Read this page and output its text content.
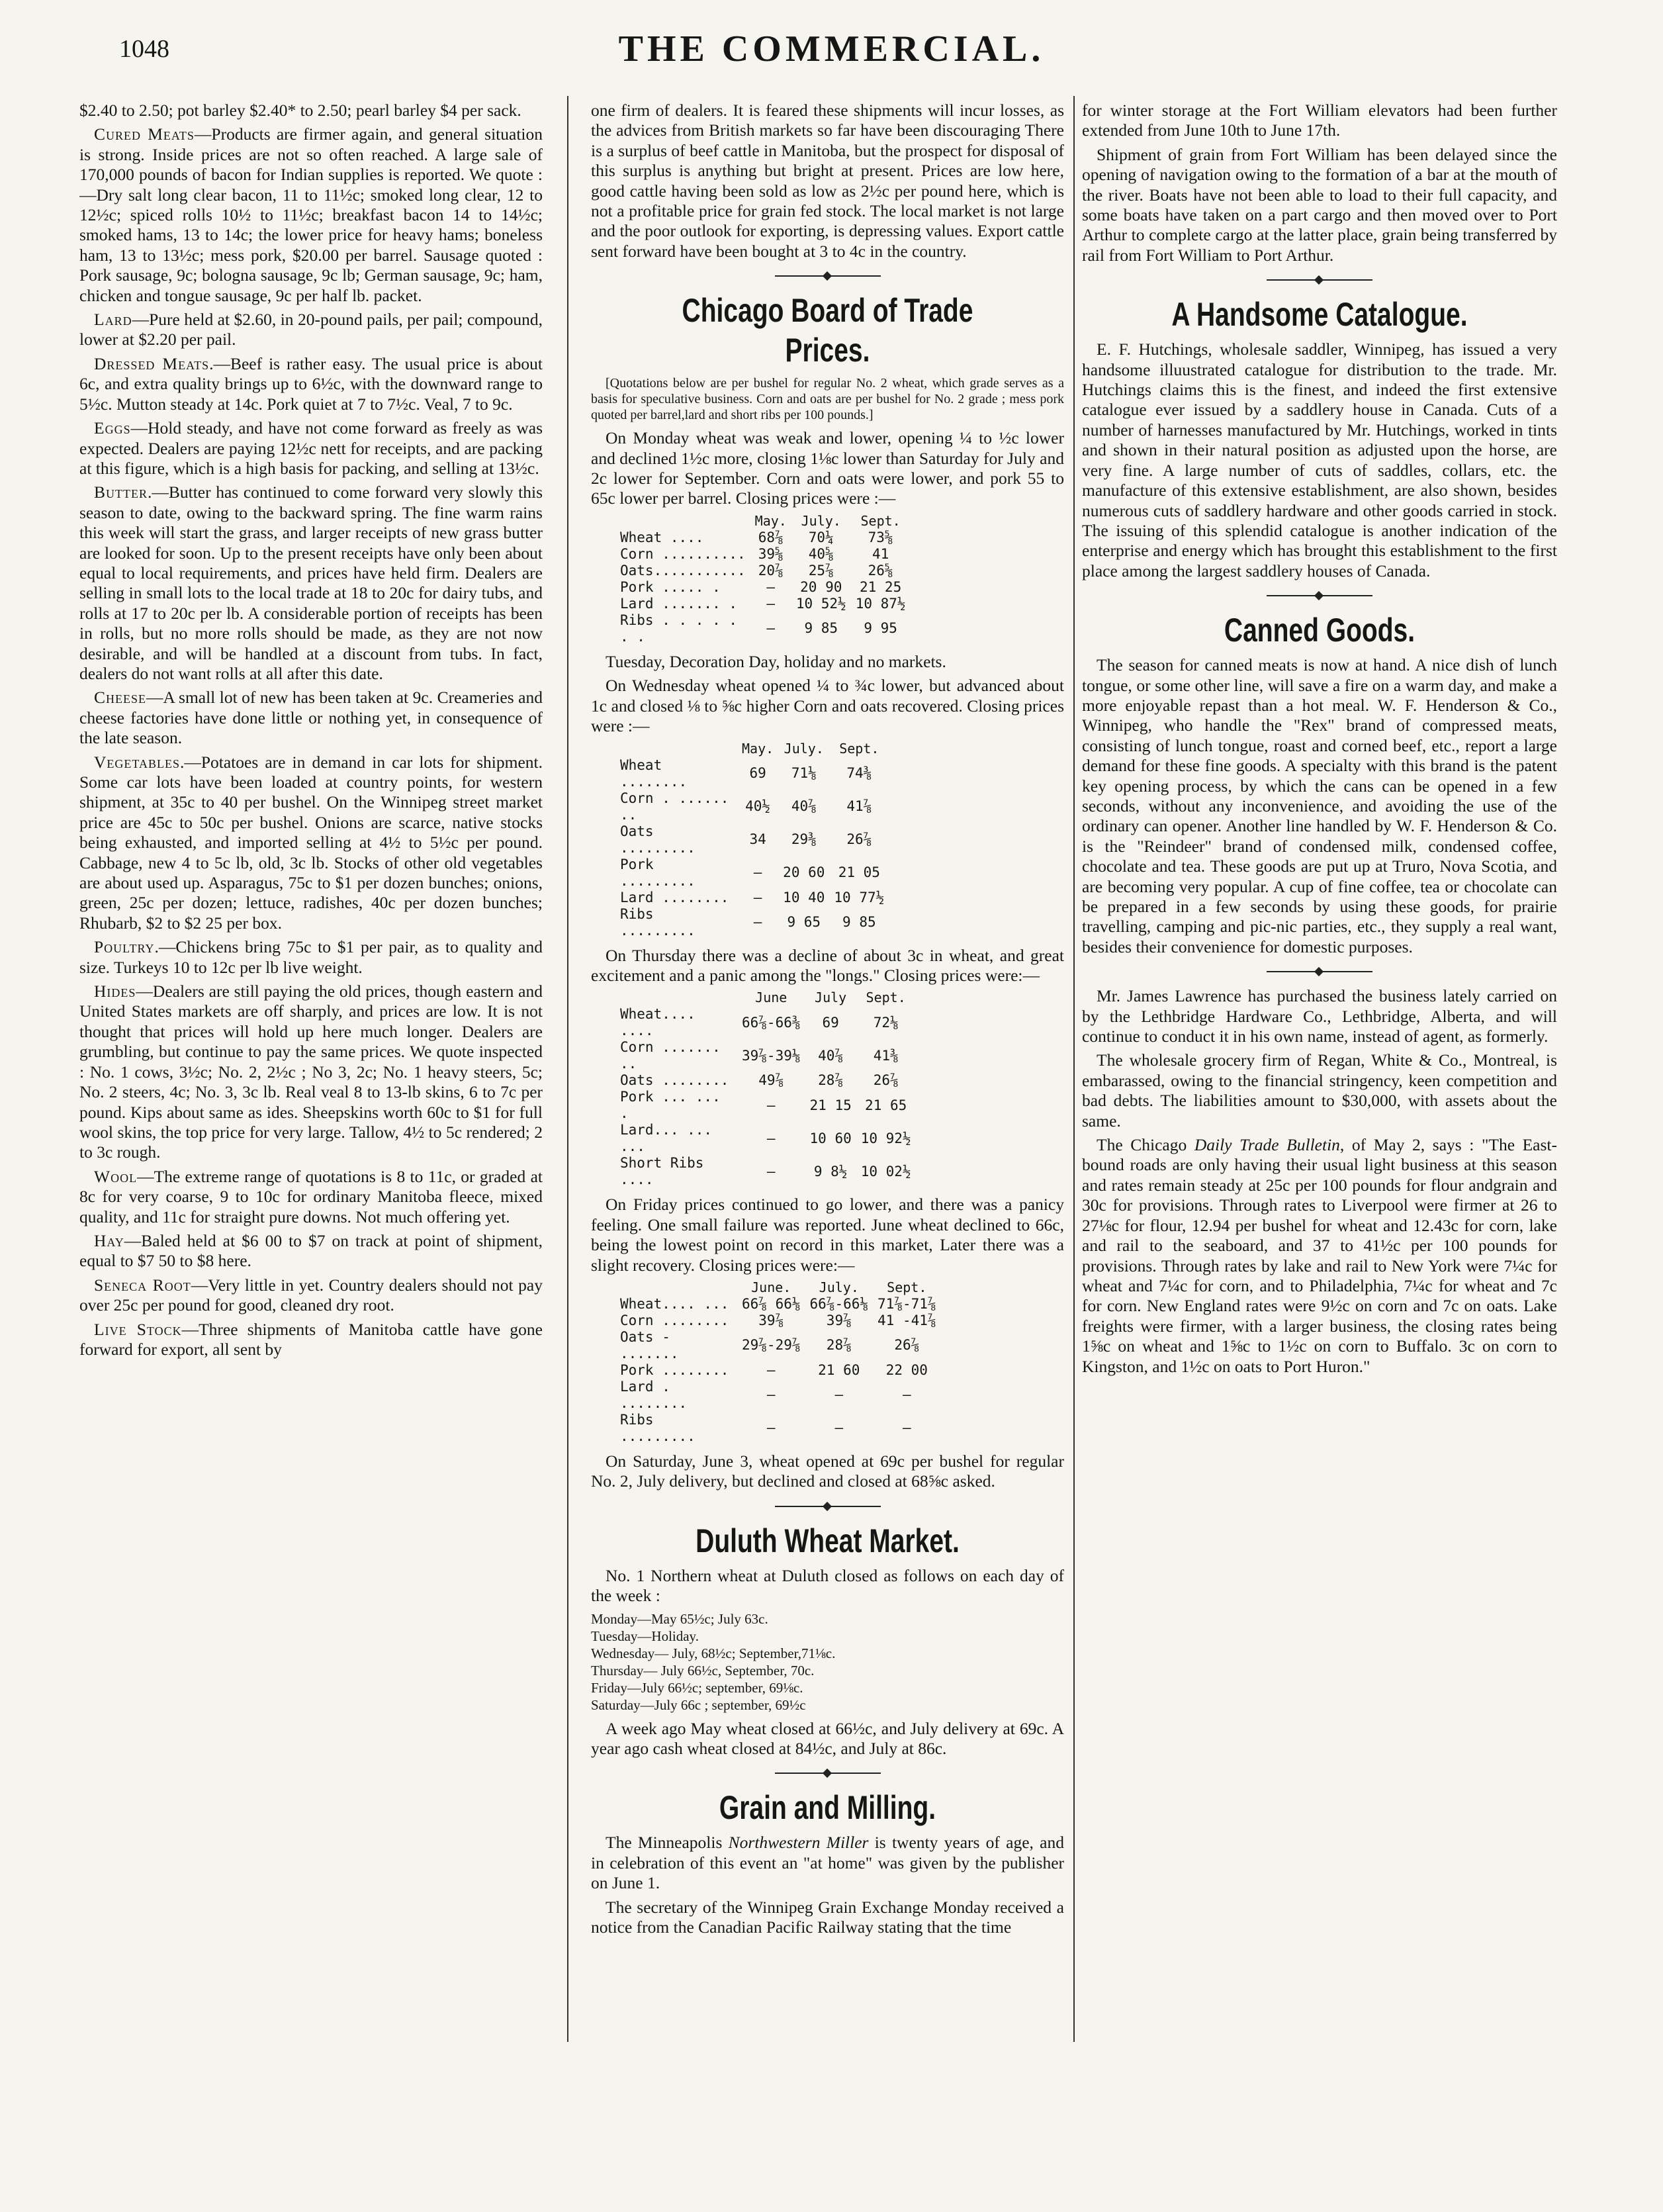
1048	THE COMMERCIAL.

$2.40 to 2.50; pot barley $2.40* to 2.50; pearl barley $4 per sack.

Cured Meats—Products are firmer again, and general situation is strong. Inside prices are not so often reached. A large sale of 170,000 pounds of bacon for Indian supplies is reported. We quote :—Dry salt long clear bacon, 11 to 11½c; smoked long clear, 12 to 12½c; spiced rolls 10½ to 11½c; breakfast bacon 14 to 14½c; smoked hams, 13 to 14c; the lower price for heavy hams; boneless ham, 13 to 13½c; mess pork, $20.00 per barrel. Sausage quoted : Pork sausage, 9c; bologna sausage, 9c lb; German sausage, 9c; ham, chicken and tongue sausage, 9c per half lb. packet.

Lard—Pure held at $2.60, in 20-pound pails, per pail; compound, lower at $2.20 per pail.

Dressed Meats.—Beef is rather easy. The usual price is about 6c, and extra quality brings up to 6½c, with the downward range to 5½c. Mutton steady at 14c. Pork quiet at 7 to 7½c. Veal, 7 to 9c.

Eggs—Hold steady, and have not come forward as freely as was expected. Dealers are paying 12½c nett for receipts, and are packing at this figure, which is a high basis for packing, and selling at 13½c.

Butter.—Butter has continued to come forward very slowly this season to date, owing to the backward spring. The fine warm rains this week will start the grass, and larger receipts of new grass butter are looked for soon. Up to the present receipts have only been about equal to local requirements, and prices have held firm. Dealers are selling in small lots to the local trade at 18 to 20c for dairy tubs, and rolls at 17 to 20c per lb. A considerable portion of receipts has been in rolls, but no more rolls should be made, as they are not now desirable, and will be handled at a discount from tubs. In fact, dealers do not want rolls at all after this date.

Cheese—A small lot of new has been taken at 9c. Creameries and cheese factories have done little or nothing yet, in consequence of the late season.

Vegetables.—Potatoes are in demand in car lots for shipment. Some car lots have been loaded at country points, for western shipment, at 35c to 40 per bushel. On the Winnipeg street market price are 45c to 50c per bushel. Onions are scarce, native stocks being exhausted, and imported selling at 4½ to 5½c per pound. Cabbage, new 4 to 5c lb, old, 3c lb. Stocks of other old vegetables are about used up. Asparagus, 75c to $1 per dozen bunches; onions, green, 25c per dozen; lettuce, radishes, 40c per dozen bunches; Rhubarb, $2 to $2 25 per box.

Poultry.—Chickens bring 75c to $1 per pair, as to quality and size. Turkeys 10 to 12c per lb live weight.

Hides—Dealers are still paying the old prices, though eastern and United States markets are off sharply, and prices are low. It is not thought that prices will hold up here much longer. Dealers are grumbling, but continue to pay the same prices. We quote inspected : No. 1 cows, 3½c; No. 2, 2½c ; No 3, 2c; No. 1 heavy steers, 5c; No. 2 steers, 4c; No. 3, 3c lb. Real veal 8 to 13-lb skins, 6 to 7c per pound. Kips about same as ides. Sheepskins worth 60c to $1 for full wool skins, the top price for very large. Tallow, 4½ to 5c rendered; 2 to 3c rough.

Wool—The extreme range of quotations is 8 to 11c, or graded at 8c for very coarse, 9 to 10c for ordinary Manitoba fleece, mixed quality, and 11c for straight pure downs. Not much offering yet.

Hay—Baled held at $6 00 to $7 on track at point of shipment, equal to $7 50 to $8 here.

Seneca Root—Very little in yet. Country dealers should not pay over 25c per pound for good, cleaned dry root.

Live Stock—Three shipments of Manitoba cattle have gone forward for export, all sent by

one firm of dealers. It is feared these shipments will incur losses, as the advices from British markets so far have been discouraging There is a surplus of beef cattle in Manitoba, but the prospect for disposal of this surplus is anything but bright at present. Prices are low here, good cattle having been sold as low as 2½c per pound here, which is not a profitable price for grain fed stock. The local market is not large and the poor outlook for exporting, is depressing values. Export cattle sent forward have been bought at 3 to 4c in the country.

Chicago Board of Trade Prices.

[Quotations below are per bushel for regular No. 2 wheat, which grade serves as a basis for speculative business. Corn and oats are per bushel for No. 2 grade ; mess pork quoted per barrel,lard and short ribs per 100 pounds.]

On Monday wheat was weak and lower, opening ¼ to ½c lower and declined 1½c more, closing 1⅛c lower than Saturday for July and 2c lower for September. Corn and oats were lower, and pork 55 to 65c lower per barrel. Closing prices were :—

	May.	July.	Sept.
Wheat ....	68⅞	70¼	73⅝
Corn ..........	39⅝	40⅝	41
Oats...........	20⅞	25⅞	26⅝
Pork ..... .	—	20 90	21 25
Lard ....... .	—	10 52½	10 87½
Ribs . . . . . . .	—	9 85	9 95

Tuesday, Decoration Day, holiday and no markets.

On Wednesday wheat opened ¼ to ¾c lower, but advanced about 1c and closed ⅛ to ⅝c higher Corn and oats recovered. Closing prices were :—

	May.	July.	Sept.
Wheat ........	69	71⅛	74⅜
Corn . ...... ..	40½	40⅞	41⅞
Oats .........	34	29⅜	26⅞
Pork .........	—	20 60	21 05
Lard ........	—	10 40	10 77½
Ribs .........	—	9 65	9 85

On Thursday there was a decline of about 3c in wheat, and great excitement and a panic among the "longs." Closing prices were:—

	June	July	Sept.
Wheat.... ....	66⅞-66⅜	69	72⅛
Corn ....... ..	39⅞-39⅛	40⅞	41⅜
Oats ........	49⅞	28⅞	26⅞
Pork ... ... .	—	21 15	21 65
Lard... ... ...	—	10 60	10 92½
Short Ribs ....	—	9 8½	10 02½

On Friday prices continued to go lower, and there was a panicy feeling. One small failure was reported. June wheat declined to 66c, being the lowest point on record in this market, Later there was a slight recovery. Closing prices were:—

	June.	July.	Sept.
Wheat.... ...	66⅞ 66⅛	66⅞-66⅛	71⅞-71⅞
Corn ........	39⅞	39⅞	41 -41⅞
Oats - .......	29⅞-29⅞	28⅞	26⅞
Pork ........	—	21 60	22 00
Lard . ........	—	—	—
Ribs .........	—	—	—

On Saturday, June 3, wheat opened at 69c per bushel for regular No. 2, July delivery, but declined and closed at 68⅝c asked.

Duluth Wheat Market.

No. 1 Northern wheat at Duluth closed as follows on each day of the week :

Monday—May 65½c; July 63c.
Tuesday—Holiday.
Wednesday— July, 68½c; September,71⅛c.
Thursday— July 66½c, September, 70c.
Friday—July 66½c; september, 69⅛c.
Saturday—July 66c ; september, 69½c

A week ago May wheat closed at 66½c, and July delivery at 69c. A year ago cash wheat closed at 84½c, and July at 86c.

Grain and Milling.

The Minneapolis Northwestern Miller is twenty years of age, and in celebration of this event an "at home" was given by the publisher on June 1.

The secretary of the Winnipeg Grain Exchange Monday received a notice from the Canadian Pacific Railway stating that the time

for winter storage at the Fort William elevators had been further extended from June 10th to June 17th.

Shipment of grain from Fort William has been delayed since the opening of navigation owing to the formation of a bar at the mouth of the river. Boats have not been able to load to their full capacity, and some boats have taken on a part cargo and then moved over to Port Arthur to complete cargo at the latter place, grain being transferred by rail from Fort William to Port Arthur.

A Handsome Catalogue.

E. F. Hutchings, wholesale saddler, Winnipeg, has issued a very handsome illuustrated catalogue for distribution to the trade. Mr. Hutchings claims this is the finest, and indeed the first extensive catalogue ever issued by a saddlery house in Canada. Cuts of a number of harnesses manufactured by Mr. Hutchings, worked in tints and shown in their natural position as adjusted upon the horse, are very fine. A large number of cuts of saddles, collars, etc. the manufacture of this extensive establishment, are also shown, besides numerous cuts of saddlery hardware and other goods carried in stock. The issuing of this splendid catalogue is another indication of the enterprise and energy which has brought this establishment to the first place among the largest saddlery houses of Canada.

Canned Goods.

The season for canned meats is now at hand. A nice dish of lunch tongue, or some other line, will save a fire on a warm day, and make a more enjoyable repast than a hot meal. W. F. Henderson & Co., Winnipeg, who handle the "Rex" brand of compressed meats, consisting of lunch tongue, roast and corned beef, etc., report a large demand for these fine goods. A specialty with this brand is the patent key opening process, by which the cans can be opened in a few seconds, without any inconvenience, and avoiding the use of the ordinary can opener. Another line handled by W. F. Henderson & Co. is the "Reindeer" brand of condensed milk, condensed coffee, chocolate and tea. These goods are put up at Truro, Nova Scotia, and are becoming very popular. A cup of fine coffee, tea or chocolate can be prepared in a few seconds by using these goods, for prairie travelling, camping and pic-nic parties, etc., they supply a real want, besides their convenience for domestic purposes.

Mr. James Lawrence has purchased the business lately carried on by the Lethbridge Hardware Co., Lethbridge, Alberta, and will continue to conduct it in his own name, instead of agent, as formerly.

The wholesale grocery firm of Regan, White & Co., Montreal, is embarassed, owing to the financial stringency, keen competition and bad debts. The liabilities amount to $30,000, with assets about the same.

The Chicago Daily Trade Bulletin, of May 2, says : "The East-bound roads are only having their usual light business at this season and rates remain steady at 25c per 100 pounds for flour andgrain and 30c for provisions. Through rates to Liverpool were firmer at 26 to 27⅛c for flour, 12.94 per bushel for wheat and 12.43c for corn, lake and rail to the seaboard, and 37 to 41½c per 100 pounds for provisions. Through rates by lake and rail to New York were 7¼c for wheat and 7¼c for corn, and to Philadelphia, 7¼c for wheat and 7c for corn. New England rates were 9½c on corn and 7c on oats. Lake freights were firmer, with a larger business, the closing rates being 1⅝c on wheat and 1⅝c to 1½c on corn to Buffalo. 3c on corn to Kingston, and 1½c on oats to Port Huron."
